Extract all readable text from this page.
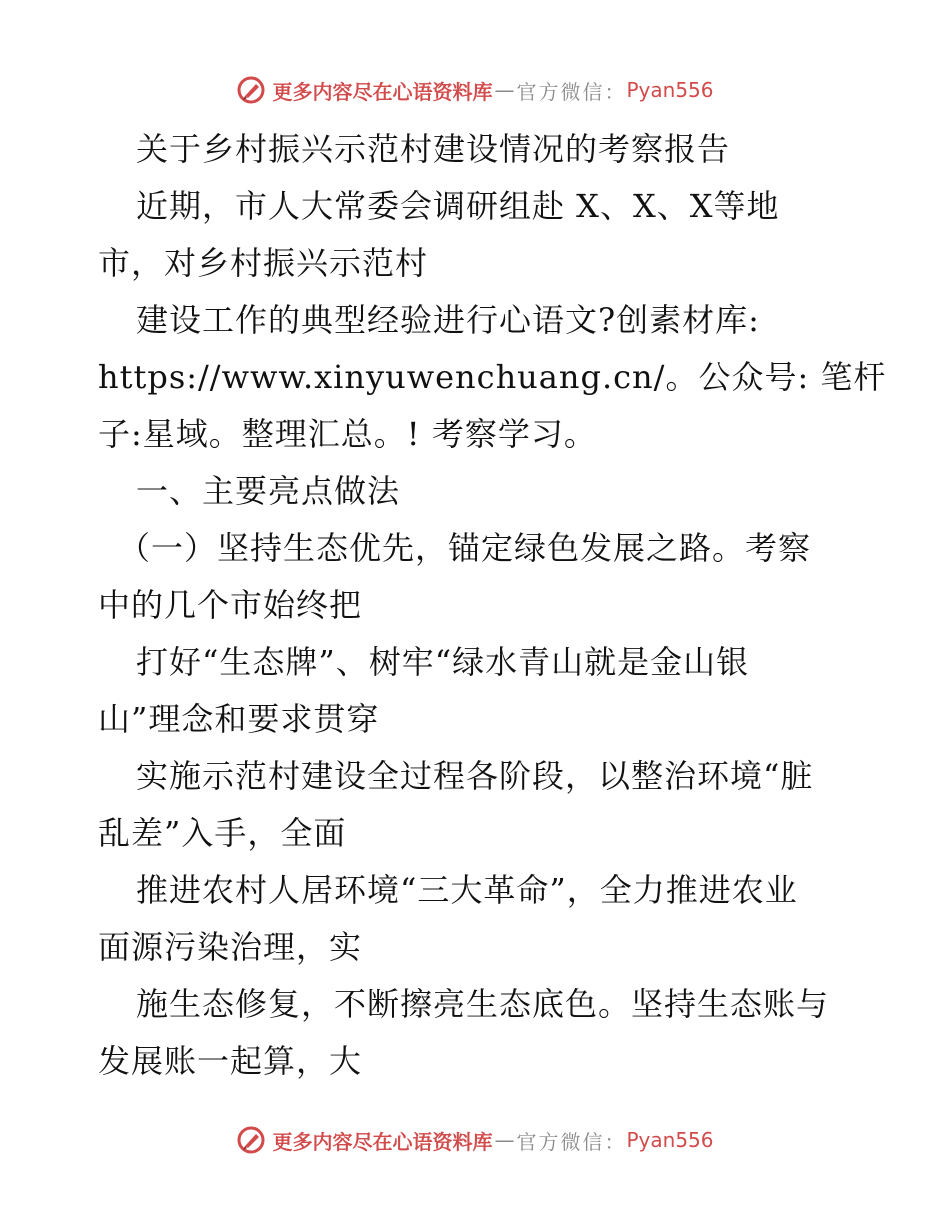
更多内容尽在心语资料库 — 官方微信： Pyan556

关于乡村振兴示范村建设情况的考察报告

近期，市人大常委会调研组赴 X、X、X等地

市，对乡村振兴示范村

建设工作的典型经验进行心语文?创素材库:

https://www.xinyuwenchuang.cn/。公众号: 笔杆

子:星域。整理汇总。! 考察学习。

一、主要亮点做法

（一）坚持生态优先，锚定绿色发展之路。考察

中的几个市始终把

打好“生态牌”、树牢“绿水青山就是金山银

山”理念和要求贯穿

实施示范村建设全过程各阶段，以整治环境“脏

乱差”入手，全面

推进农村人居环境“三大革命”，全力推进农业

面源污染治理，实

施生态修复，不断擦亮生态底色。坚持生态账与

发展账一起算，大

更多内容尽在心语资料库 — 官方微信： Pyan556
